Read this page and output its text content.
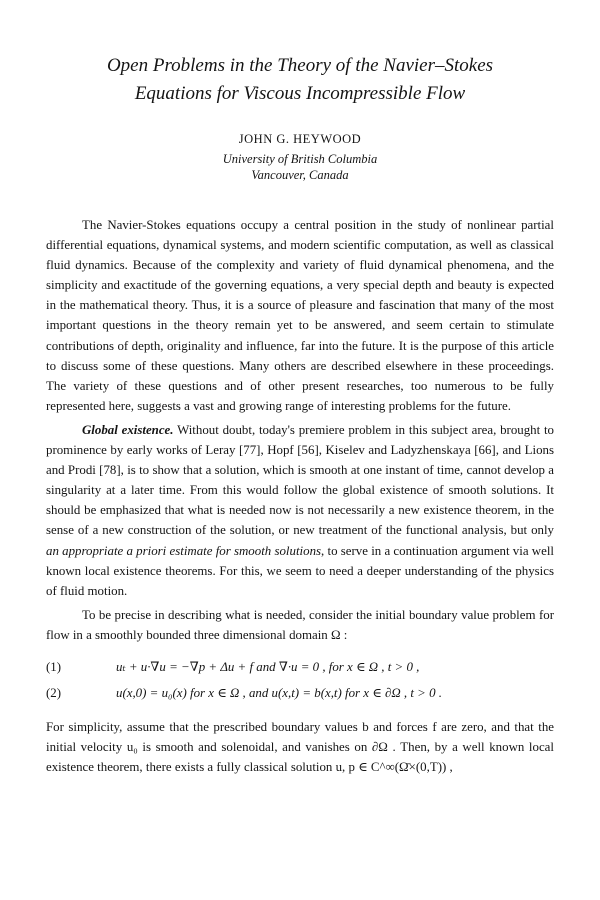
Open Problems in the Theory of the Navier–Stokes
Equations for Viscous Incompressible Flow
JOHN G. HEYWOOD
University of British Columbia
Vancouver, Canada

The Navier-Stokes equations occupy a central position in the study of nonlinear partial differential equations, dynamical systems, and modern scientific computation, as well as classical fluid dynamics. Because of the complexity and variety of fluid dynamical phenomena, and the simplicity and exactitude of the governing equations, a very special depth and beauty is expected in the mathematical theory. Thus, it is a source of pleasure and fascination that many of the most important questions in the theory remain yet to be answered, and seem certain to stimulate contributions of depth, originality and influence, far into the future. It is the purpose of this article to discuss some of these questions. Many others are described elsewhere in these proceedings. The variety of these questions and of other present researches, too numerous to be fully represented here, suggests a vast and growing range of interesting problems for the future.

Global existence. Without doubt, today's premiere problem in this subject area, brought to prominence by early works of Leray [77], Hopf [56], Kiselev and Ladyzhenskaya [66], and Lions and Prodi [78], is to show that a solution, which is smooth at one instant of time, cannot develop a singularity at a later time. From this would follow the global existence of smooth solutions. It should be emphasized that what is needed now is not necessarily a new existence theorem, in the sense of a new construction of the solution, or new treatment of the functional analysis, but only an appropriate a priori estimate for smooth solutions, to serve in a continuation argument via well known local existence theorems. For this, we seem to need a deeper understanding of the physics of fluid motion.

To be precise in describing what is needed, consider the initial boundary value problem for flow in a smoothly bounded three dimensional domain Ω :

(1)	uₜ + u·∇u = −∇p + Δu + f and ∇·u = 0 , for x ∈ Ω , t > 0 ,
(2)	u(x,0) = u₀(x) for x ∈ Ω , and u(x,t) = b(x,t) for x ∈ ∂Ω , t > 0 .

For simplicity, assume that the prescribed boundary values b and forces f are zero, and that the initial velocity u₀ is smooth and solenoidal, and vanishes on ∂Ω . Then, by a well known local existence theorem, there exists a fully classical solution u, p ∈ C^∞(Ω̄×(0,T)) ,
